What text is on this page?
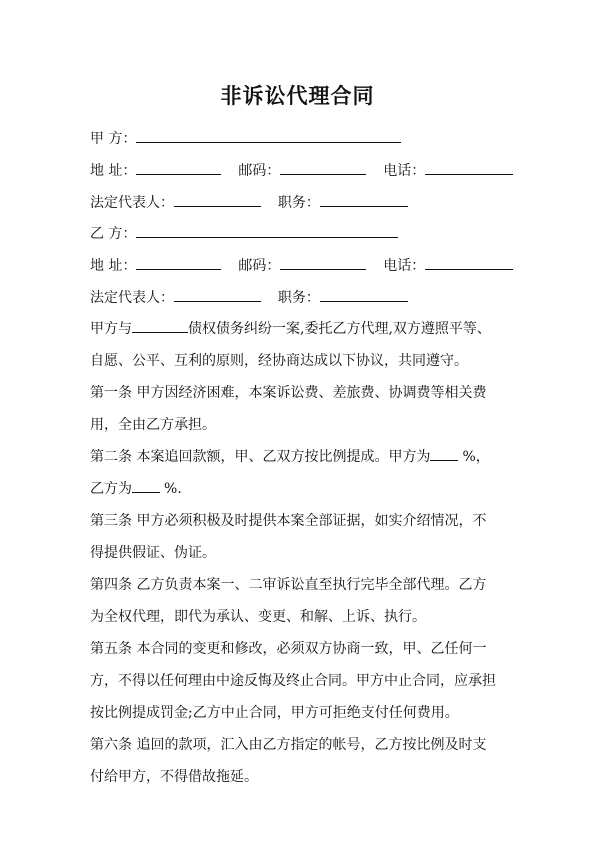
非诉讼代理合同
甲 方：
地 址：	邮码：	电话：
法定代表人：	职务：
乙 方：
地 址：	邮码：	电话：
法定代表人：	职务：
甲方与	债权债务纠纷一案,委托乙方代理,双方遵照平等、
自愿、公平、互利的原则，经协商达成以下协议，共同遵守。
第一条 甲方因经济困难，本案诉讼费、差旅费、协调费等相关费
用，全由乙方承担。
第二条 本案追回款额，甲、乙双方按比例提成。甲方为 %，
乙方为 %.
第三条 甲方必须积极及时提供本案全部证据，如实介绍情况，不
得提供假证、伪证。
第四条 乙方负责本案一、二审诉讼直至执行完毕全部代理。乙方
为全权代理，即代为承认、变更、和解、上诉、执行。
第五条 本合同的变更和修改，必须双方协商一致，甲、乙任何一
方，不得以任何理由中途反悔及终止合同。甲方中止合同，应承担
按比例提成罚金;乙方中止合同，甲方可拒绝支付任何费用。
第六条 追回的款项，汇入由乙方指定的帐号，乙方按比例及时支
付给甲方，不得借故拖延。
